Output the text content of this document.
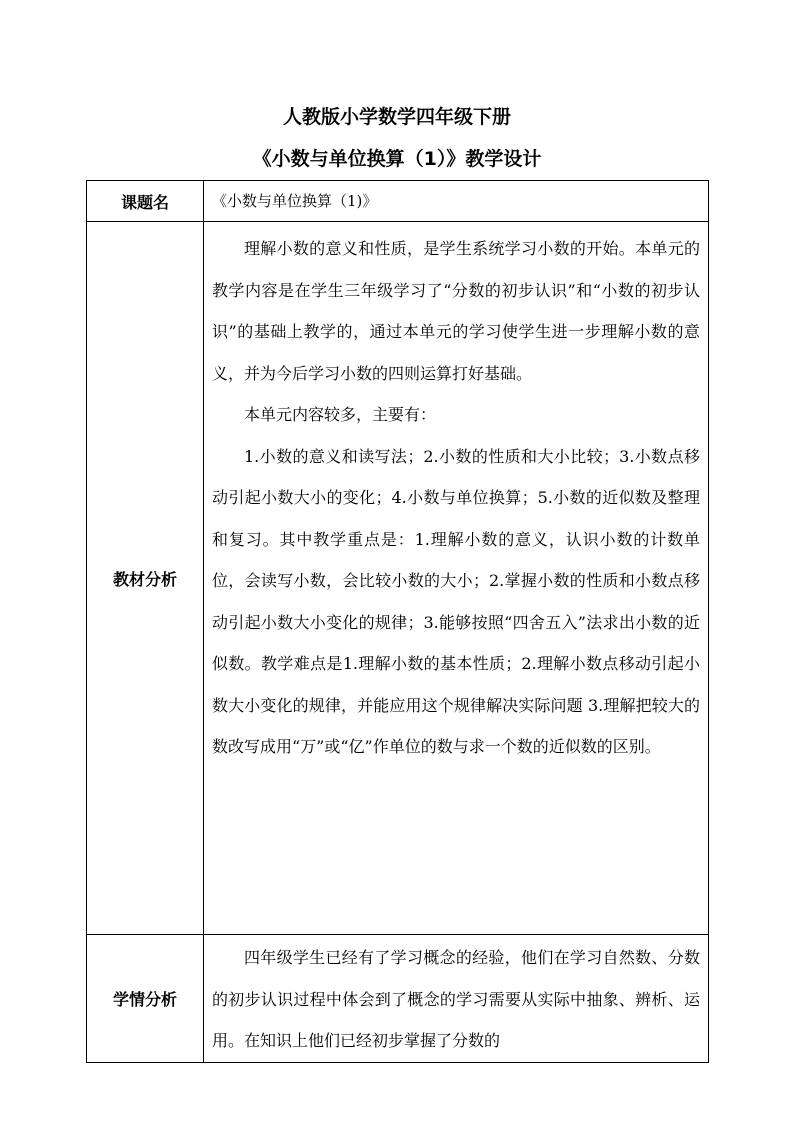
人教版小学数学四年级下册
《小数与单位换算（1）》教学设计
课题名	《小数与单位换算（1)》

教材分析	理解小数的意义和性质，是学生系统学习小数的开始。本单元的教学内容是在学生三年级学习了“分数的初步认识”和“小数的初步认识”的基础上教学的，通过本单元的学习使学生进一步理解小数的意义，并为今后学习小数的四则运算打好基础。

本单元内容较多，主要有：

1.小数的意义和读写法；2.小数的性质和大小比较；3.小数点移动引起小数大小的变化；4.小数与单位换算；5.小数的近似数及整理和复习。其中教学重点是：1.理解小数的意义，认识小数的计数单位，会读写小数，会比较小数的大小；2.掌握小数的性质和小数点移动引起小数大小变化的规律；3.能够按照“四舍五入”法求出小数的近似数。教学难点是1.理解小数的基本性质；2.理解小数点移动引起小数大小变化的规律，并能应用这个规律解决实际问题 3.理解把较大的数改写成用“万”或“亿”作单位的数与求一个数的近似数的区别。

学情分析	四年级学生已经有了学习概念的经验，他们在学习自然数、分数的初步认识过程中体会到了概念的学习需要从实际中抽象、辨析、运用。在知识上他们已经初步掌握了分数的
